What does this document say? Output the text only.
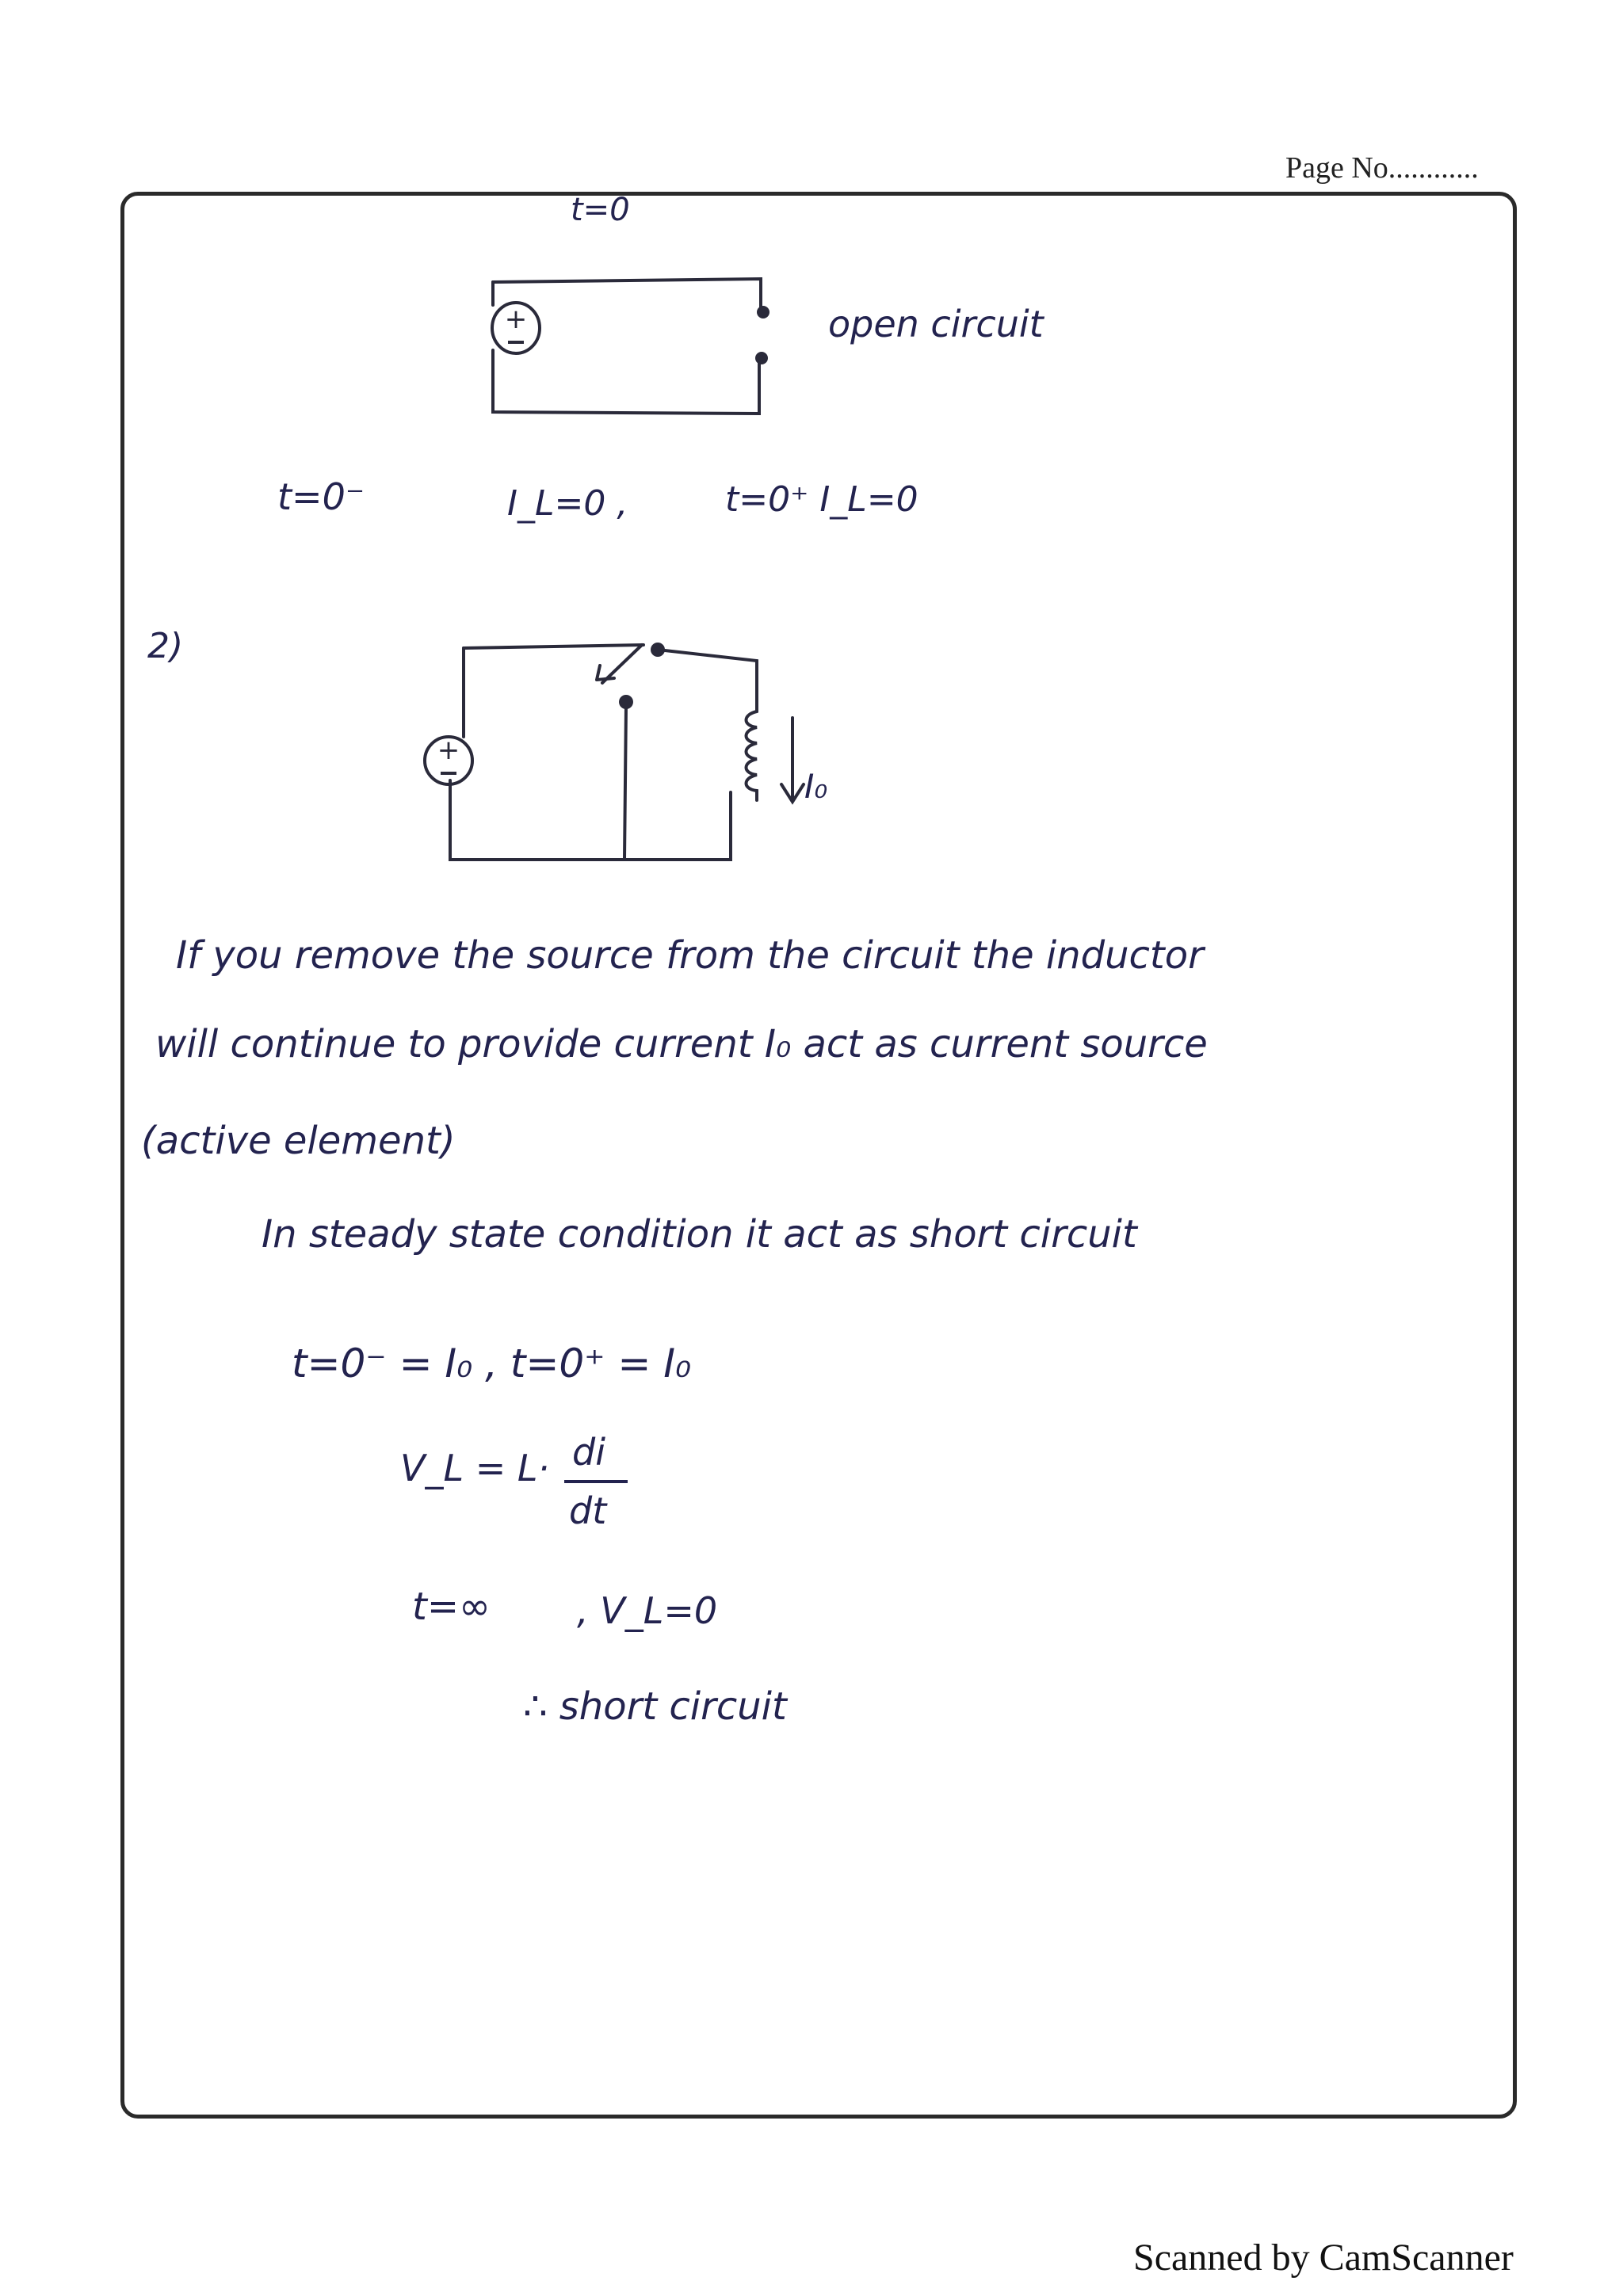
Page No............
+
+
t=0
open circuit
t=0⁻	I_L=0 ,	t=0⁺ I_L=0
2)
I₀
If you remove the source from the circuit the inductor
will continue to provide current I₀ act as current source
(active element)
In steady state condition it act as short circuit
t=0⁻ = I₀ , t=0⁺ = I₀
V_L = L· di
dt
t=∞ , V_L=0
∴ short circuit
Scanned by CamScanner
